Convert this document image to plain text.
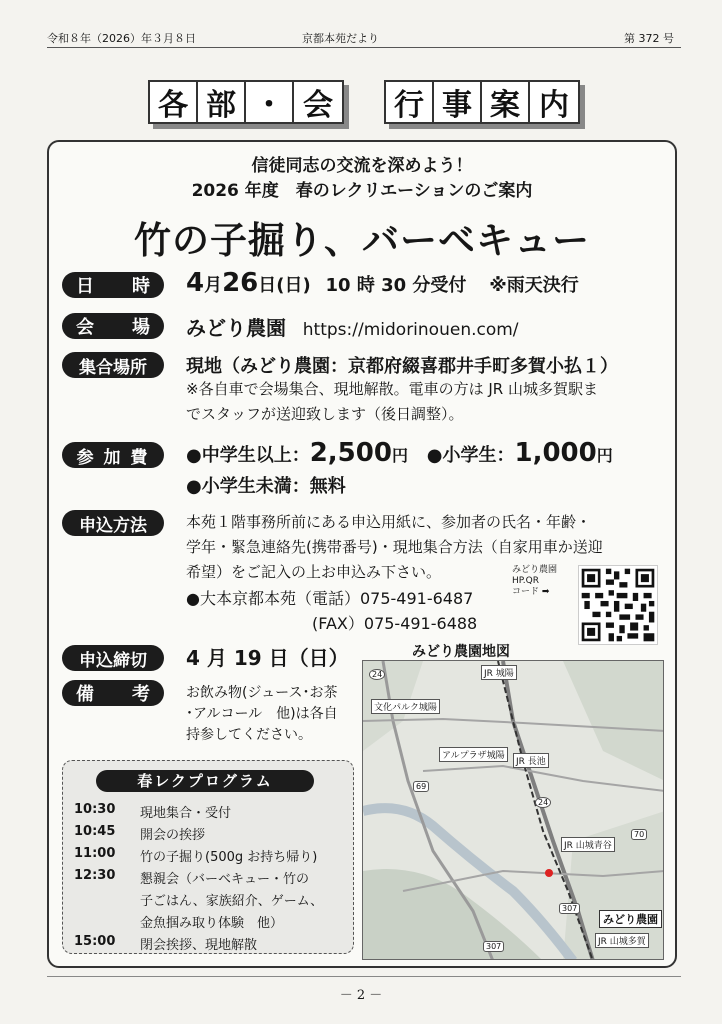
令和８年（2026）年３月８日	京都本苑だより	第 372 号
各 部 ・ 会	行 事 案 内
信徒同志の交流を深めよう！
2026 年度　春のレクリエーションのご案内
竹の子掘り、バーベキュー
日 時 4月26日(日) 10 時 30 分受付 ※雨天決行
会 場 みどり農園 https://midorinouen.com/
集合場所	現地（みどり農園：京都府綴喜郡井手町多賀小払１）
※各自車で会場集合、現地解散。電車の方は JR 山城多賀駅ま
でスタッフが送迎致します（後日調整）。
参 加 費	●中学生以上：2,500円 ●小学生：1,000円
●小学生未満：無料
申込方法	本苑１階事務所前にある申込用紙に、参加者の氏名・年齢・
学年・緊急連絡先(携帯番号)・現地集合方法（自家用車か送迎
希望）をご記入の上お申込み下さい。
●大本京都本苑（電話）075-491-6487
(FAX）075-491-6488
みどり農園
HP.QR
コード ➡
申込締切	4 月 19 日（日）
備 考	お飲み物(ジュース･お茶
･アルコール　他)は各自
持参してください。
みどり農園地図
JR 城陽
文化パルク城陽
アルプラザ城陽
JR 長池
JR 山城青谷
みどり農園
JR 山城多賀
24
24
307
307
69
70
春レクプログラム
10:30 現地集合・受付
10:45 開会の挨拶
11:00 竹の子掘り(500g お持ち帰り)
12:30 懇親会（バーベキュー・竹の
子ごはん、家族紹介、ゲーム、
金魚掴み取り体験　他）
15:00 閉会挨拶、現地解散
－ 2 －
